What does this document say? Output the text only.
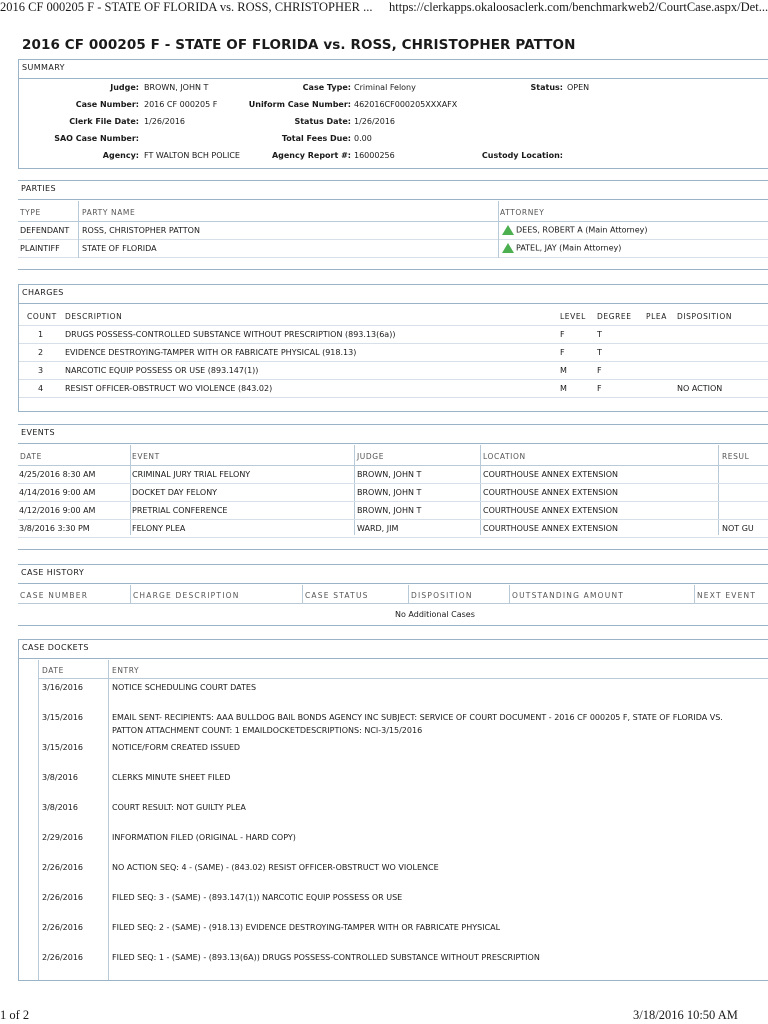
2016 CF 000205 F - STATE OF FLORIDA vs. ROSS, CHRISTOPHER ... https://clerkapps.okaloosaclerk.com/benchmarkweb2/CourtCase.aspx/Det...
1 of 2	3/18/2016 10:50 AM
2016 CF 000205 F - STATE OF FLORIDA vs. ROSS, CHRISTOPHER PATTON
SUMMARY
Judge: BROWN, JOHN T	Case Type: Criminal Felony	Status: OPEN
Case Number: 2016 CF 000205 F	Uniform Case Number: 462016CF000205XXXAFX
Clerk File Date: 1/26/2016	Status Date: 1/26/2016
SAO Case Number:	Total Fees Due: 0.00
Agency: FT WALTON BCH POLICE	Agency Report #: 16000256	Custody Location:
PARTIES
TYPE	PARTY NAME	ATTORNEY
DEFENDANT ROSS, CHRISTOPHER PATTON	DEES, ROBERT A (Main Attorney)
PLAINTIFF	STATE OF FLORIDA	PATEL, JAY (Main Attorney)
CHARGES
COUNT DESCRIPTION	LEVEL DEGREE PLEA DISPOSITION
1	DRUGS POSSESS-CONTROLLED SUBSTANCE WITHOUT PRESCRIPTION (893.13(6a))	F	T
2	EVIDENCE DESTROYING-TAMPER WITH OR FABRICATE PHYSICAL (918.13)	F	T
3	NARCOTIC EQUIP POSSESS OR USE (893.147(1))	M	F
4	RESIST OFFICER-OBSTRUCT WO VIOLENCE (843.02)	M	F	NO ACTION
EVENTS
DATE	EVENT	JUDGE	LOCATION	RESUL
4/25/2016 8:30 AM	CRIMINAL JURY TRIAL FELONY	BROWN, JOHN T	COURTHOUSE ANNEX EXTENSION
4/14/2016 9:00 AM	DOCKET DAY FELONY	BROWN, JOHN T	COURTHOUSE ANNEX EXTENSION
4/12/2016 9:00 AM	PRETRIAL CONFERENCE	BROWN, JOHN T	COURTHOUSE ANNEX EXTENSION
3/8/2016 3:30 PM	FELONY PLEA	WARD, JIM	COURTHOUSE ANNEX EXTENSION	NOT GU
CASE HISTORY
CASE NUMBER	CHARGE DESCRIPTION	CASE STATUS	DISPOSITION	OUTSTANDING AMOUNT	NEXT EVENT
No Additional Cases
CASE DOCKETS
DATE	ENTRY
3/16/2016	NOTICE SCHEDULING COURT DATES
3/15/2016	EMAIL SENT- RECIPIENTS: AAA BULLDOG BAIL BONDS AGENCY INC SUBJECT: SERVICE OF COURT DOCUMENT - 2016 CF 000205 F, STATE OF FLORIDA VS.
PATTON ATTACHMENT COUNT: 1 EMAILDOCKETDESCRIPTIONS: NCI-3/15/2016
3/15/2016	NOTICE/FORM CREATED ISSUED
3/8/2016	CLERKS MINUTE SHEET FILED
3/8/2016	COURT RESULT: NOT GUILTY PLEA
2/29/2016	INFORMATION FILED (ORIGINAL - HARD COPY)
2/26/2016	NO ACTION SEQ: 4 - (SAME) - (843.02) RESIST OFFICER-OBSTRUCT WO VIOLENCE
2/26/2016	FILED SEQ: 3 - (SAME) - (893.147(1)) NARCOTIC EQUIP POSSESS OR USE
2/26/2016	FILED SEQ: 2 - (SAME) - (918.13) EVIDENCE DESTROYING-TAMPER WITH OR FABRICATE PHYSICAL
2/26/2016	FILED SEQ: 1 - (SAME) - (893.13(6A)) DRUGS POSSESS-CONTROLLED SUBSTANCE WITHOUT PRESCRIPTION
